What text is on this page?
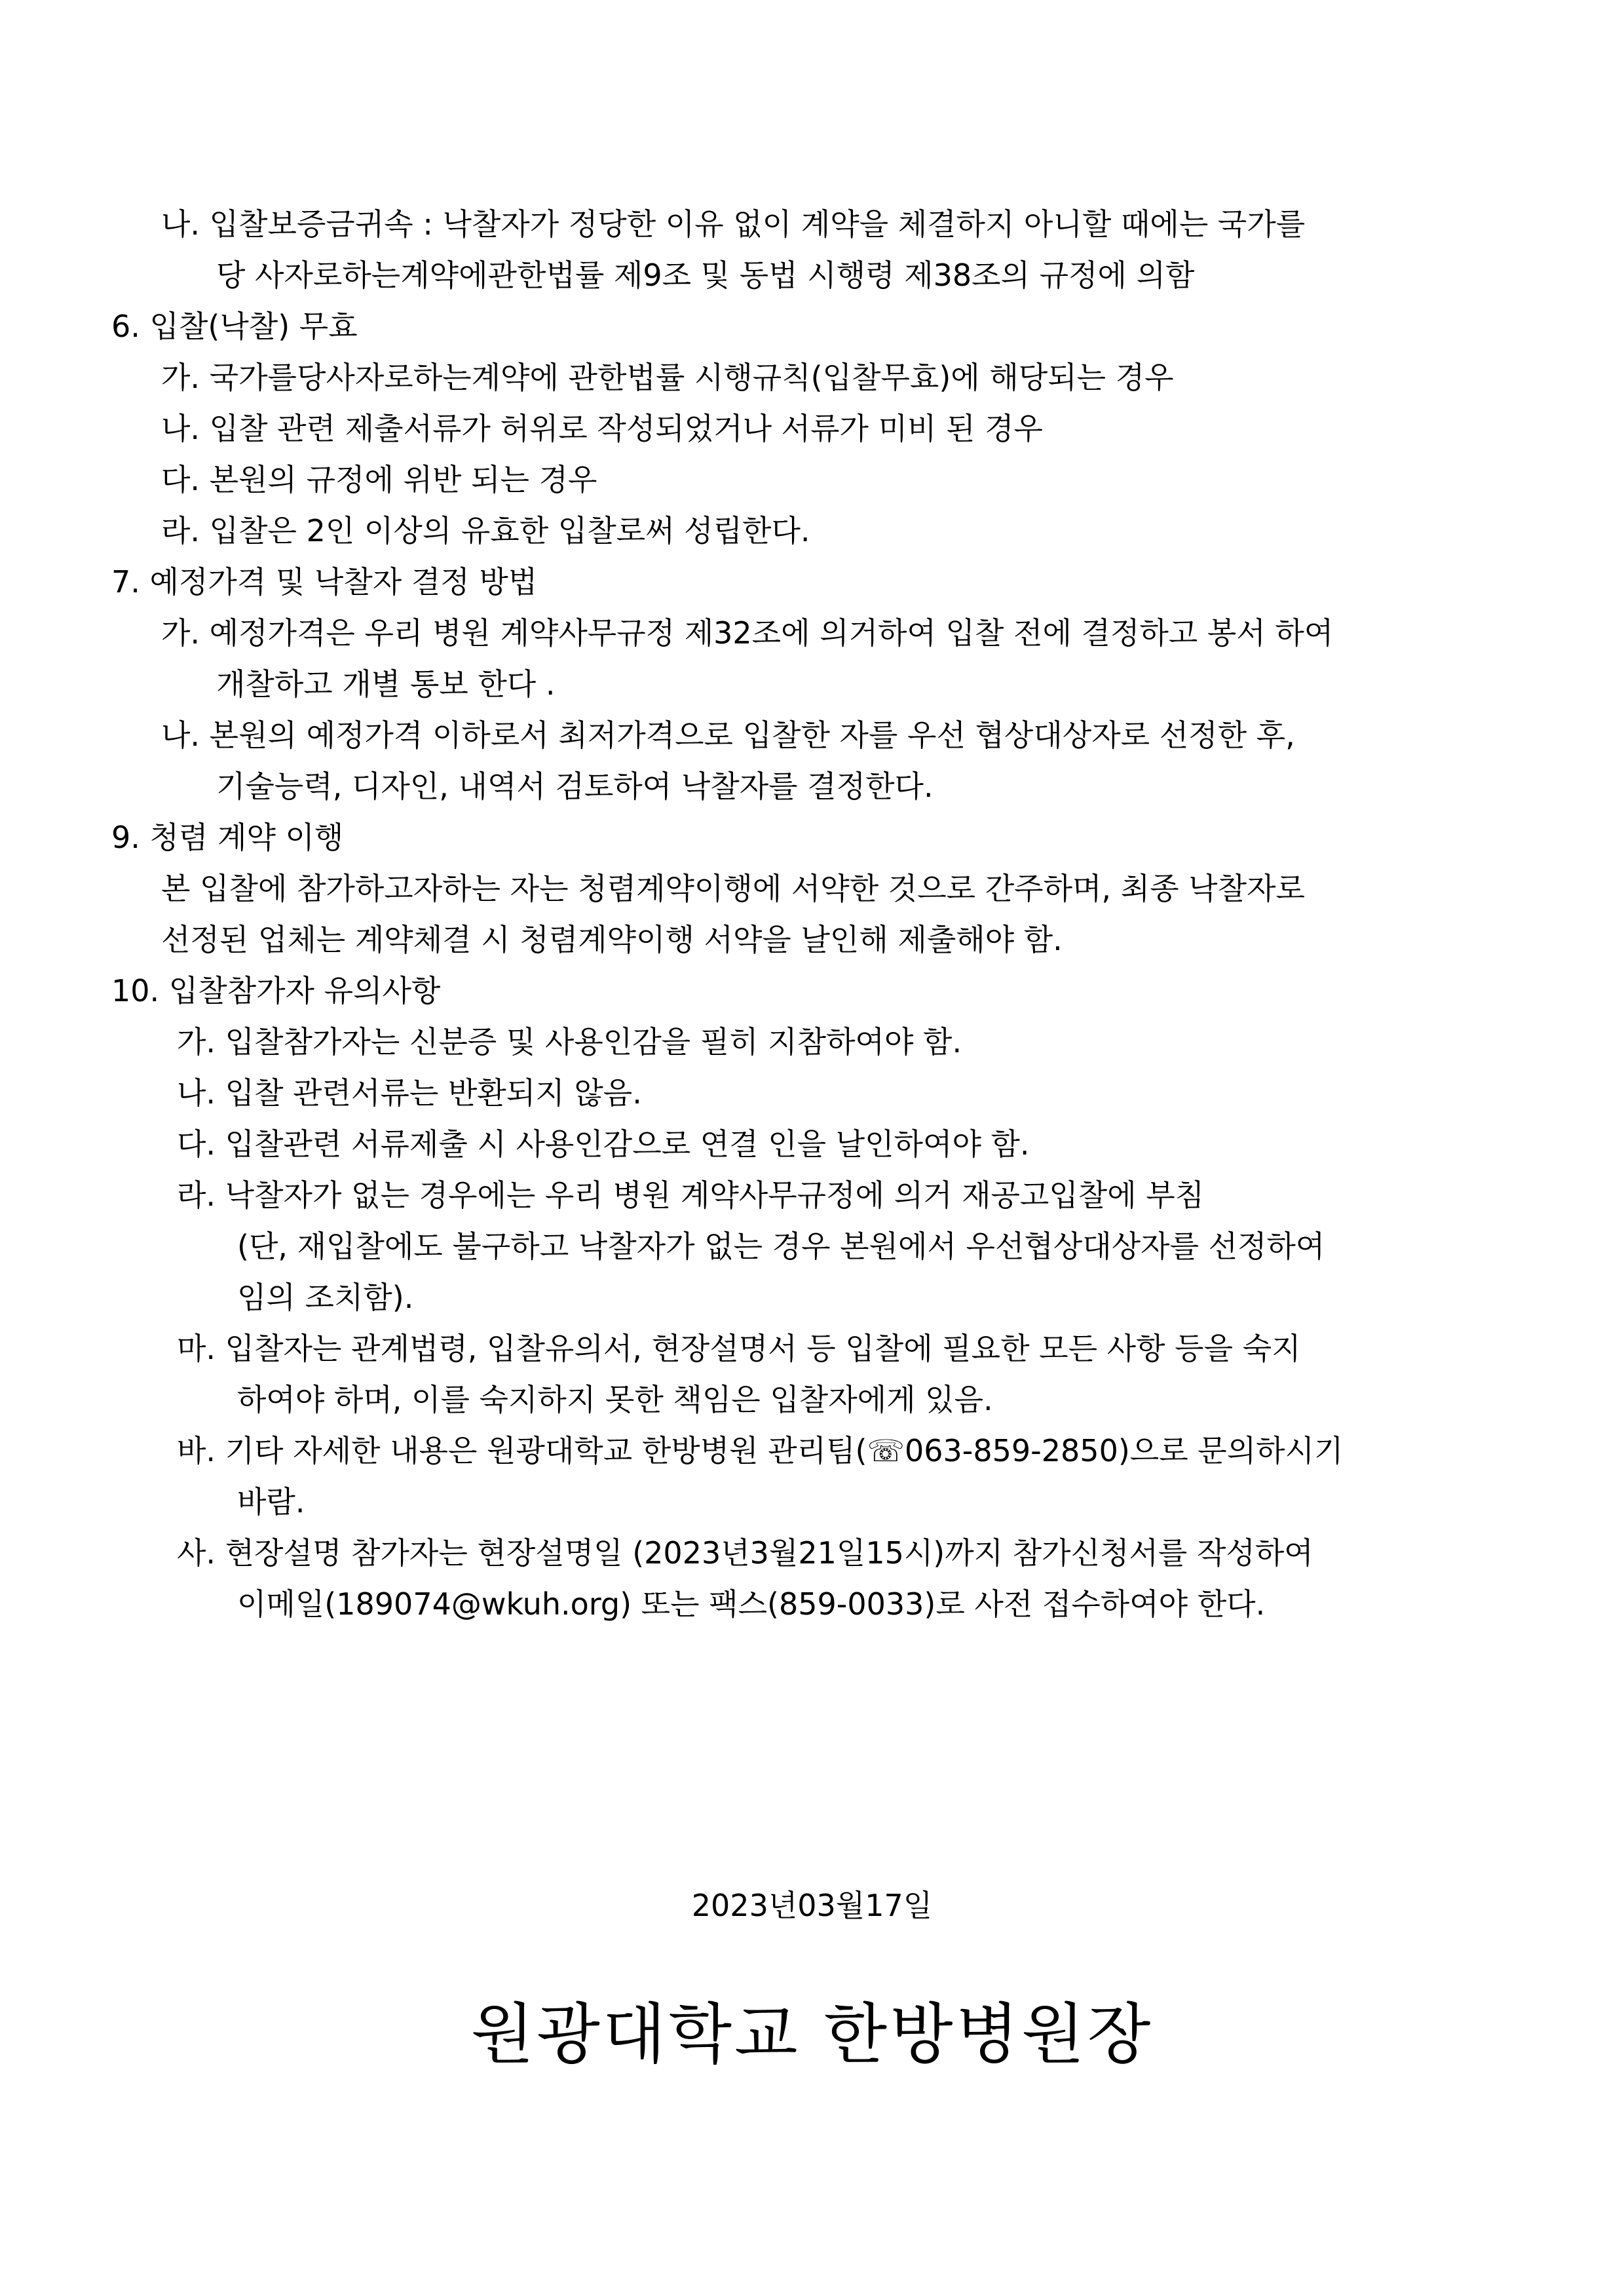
나. 입찰보증금귀속 : 낙찰자가 정당한 이유 없이 계약을 체결하지 아니할 때에는 국가를
당 사자로하는계약에관한법률 제9조 및 동법 시행령 제38조의 규정에 의함
6. 입찰(낙찰) 무효
가. 국가를당사자로하는계약에 관한법률 시행규칙(입찰무효)에 해당되는 경우
나. 입찰 관련 제출서류가 허위로 작성되었거나 서류가 미비 된 경우
다. 본원의 규정에 위반 되는 경우
라. 입찰은 2인 이상의 유효한 입찰로써 성립한다.
7. 예정가격 및 낙찰자 결정 방법
가. 예정가격은 우리 병원 계약사무규정 제32조에 의거하여 입찰 전에 결정하고 봉서 하여
개찰하고 개별 통보 한다 .
나. 본원의 예정가격 이하로서 최저가격으로 입찰한 자를 우선 협상대상자로 선정한 후,
기술능력, 디자인, 내역서 검토하여 낙찰자를 결정한다.
9. 청렴 계약 이행
본 입찰에 참가하고자하는 자는 청렴계약이행에 서약한 것으로 간주하며, 최종 낙찰자로
선정된 업체는 계약체결 시 청렴계약이행 서약을 날인해 제출해야 함.
10. 입찰참가자 유의사항
가. 입찰참가자는 신분증 및 사용인감을 필히 지참하여야 함.
나. 입찰 관련서류는 반환되지 않음.
다. 입찰관련 서류제출 시 사용인감으로 연결 인을 날인하여야 함.
라. 낙찰자가 없는 경우에는 우리 병원 계약사무규정에 의거 재공고입찰에 부침
(단, 재입찰에도 불구하고 낙찰자가 없는 경우 본원에서 우선협상대상자를 선정하여
임의 조치함).
마. 입찰자는 관계법령, 입찰유의서, 현장설명서 등 입찰에 필요한 모든 사항 등을 숙지
하여야 하며, 이를 숙지하지 못한 책임은 입찰자에게 있음.
바. 기타 자세한 내용은 원광대학교 한방병원 관리팀(☏063-859-2850)으로 문의하시기
바람.
사. 현장설명 참가자는 현장설명일 (2023년3월21일15시)까지 참가신청서를 작성하여
이메일(189074@wkuh.org) 또는 팩스(859-0033)로 사전 접수하여야 한다.
2023년03월17일
원광대학교 한방병원장
